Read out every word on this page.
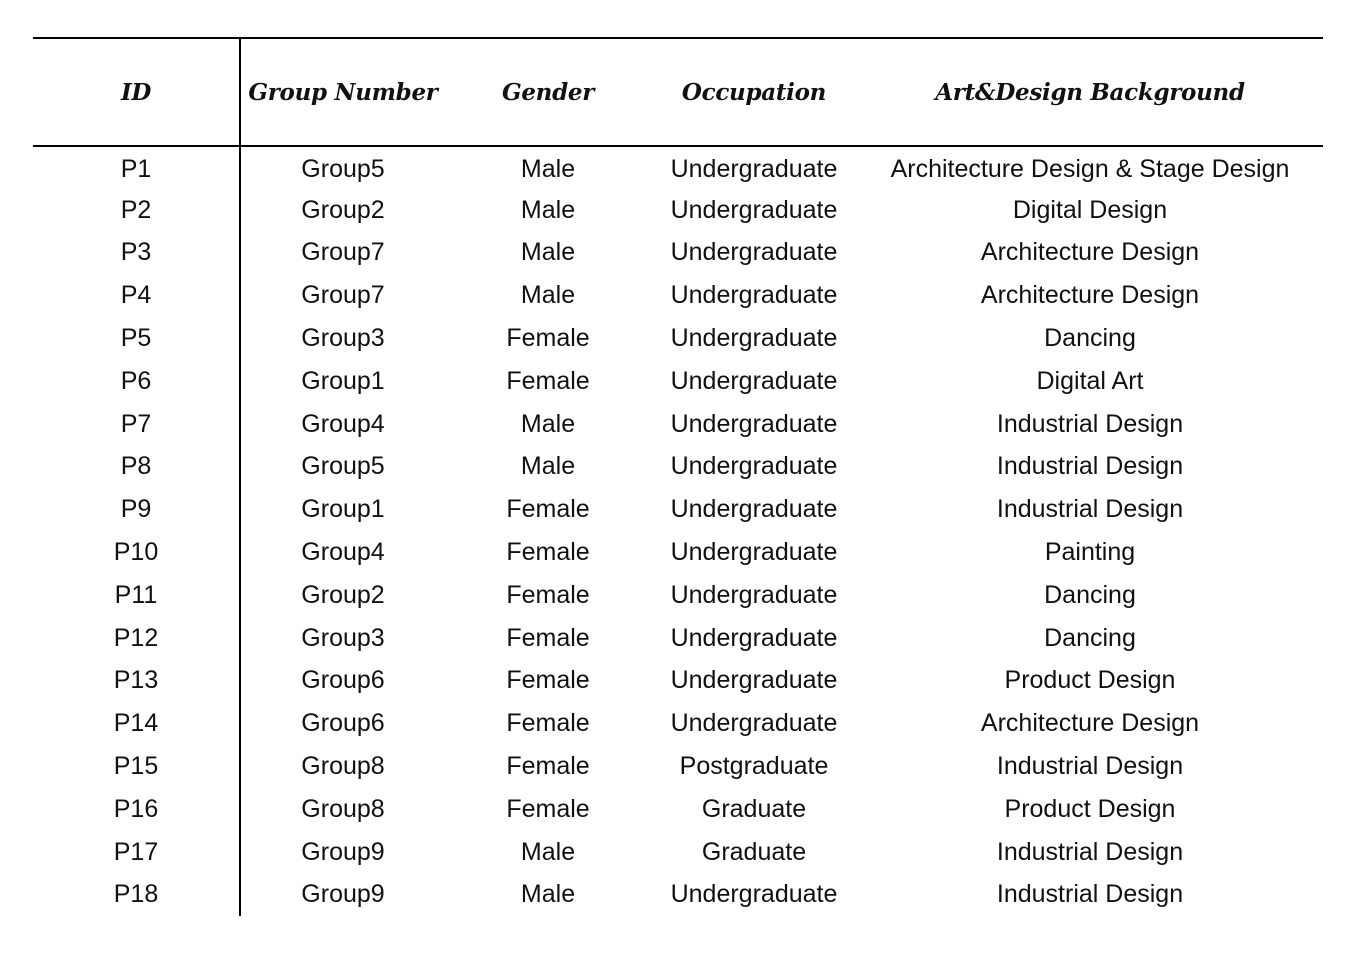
ID	Group Number	Gender	Occupation	Art&Design Background
P1	Group5	Male	Undergraduate	Architecture Design & Stage Design
P2	Group2	Male	Undergraduate	Digital Design
P3	Group7	Male	Undergraduate	Architecture Design
P4	Group7	Male	Undergraduate	Architecture Design
P5	Group3	Female	Undergraduate	Dancing
P6	Group1	Female	Undergraduate	Digital Art
P7	Group4	Male	Undergraduate	Industrial Design
P8	Group5	Male	Undergraduate	Industrial Design
P9	Group1	Female	Undergraduate	Industrial Design
P10	Group4	Female	Undergraduate	Painting
P11	Group2	Female	Undergraduate	Dancing
P12	Group3	Female	Undergraduate	Dancing
P13	Group6	Female	Undergraduate	Product Design
P14	Group6	Female	Undergraduate	Architecture Design
P15	Group8	Female	Postgraduate	Industrial Design
P16	Group8	Female	Graduate	Product Design
P17	Group9	Male	Graduate	Industrial Design
P18	Group9	Male	Undergraduate	Industrial Design
